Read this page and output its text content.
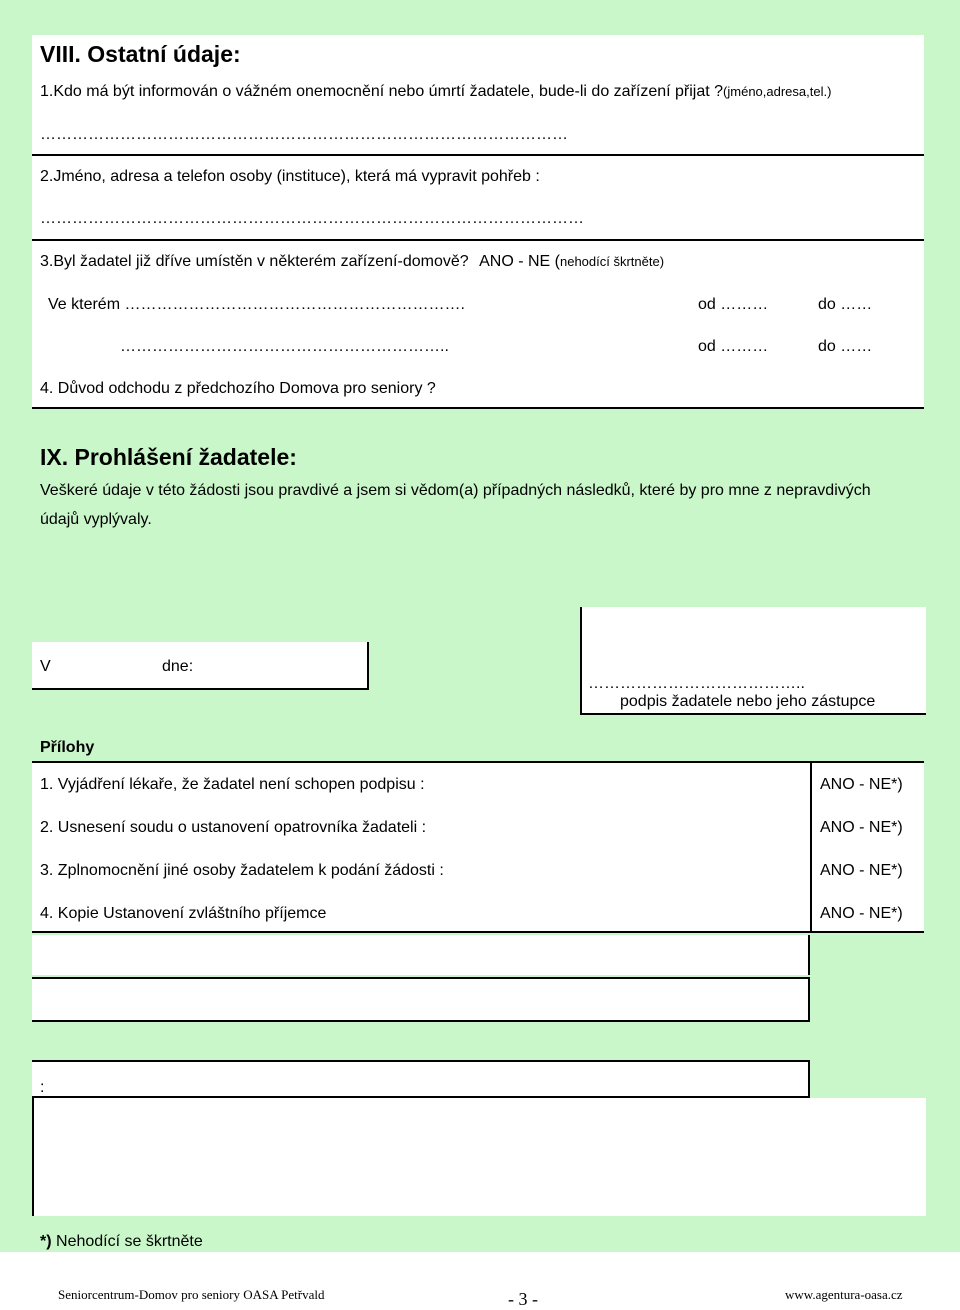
VIII. Ostatní údaje:
1.Kdo má být informován o vážném onemocnění nebo úmrtí žadatele, bude-li do zařízení přijat ?(jméno,adresa,tel.)
………………………………………………………………………………………
2.Jméno, adresa a telefon osoby (instituce), která má vypravit pohřeb :
…………………………………………………………………………………………
3.Byl žadatel již dříve umístěn v některém zařízení-domově? ANO - NE (nehodící škrtněte)
Ve kterém ……………………………………………………….	od ………	do ……
……………………………………………………..	od ………	do ……
4. Důvod odchodu z předchozího Domova pro seniory ?
IX. Prohlášení žadatele:
Veškeré údaje v této žádosti jsou pravdivé a jsem si vědom(a) případných následků, které by pro mne z nepravdivých
údajů vyplývaly.
V	dne:
…………………………………..
podpis žadatele nebo jeho zástupce
Přílohy
1. Vyjádření lékaře, že žadatel není schopen podpisu :	ANO - NE*)
2. Usnesení soudu o ustanovení opatrovníka žadateli :	ANO - NE*)
3. Zplnomocnění jiné osoby žadatelem k podání žádosti :	ANO - NE*)
4. Kopie Ustanovení zvláštního příjemce	ANO - NE*)
:
*) Nehodící se škrtněte
Seniorcentrum-Domov pro seniory OASA Petřvald	- 3 -	www.agentura-oasa.cz
